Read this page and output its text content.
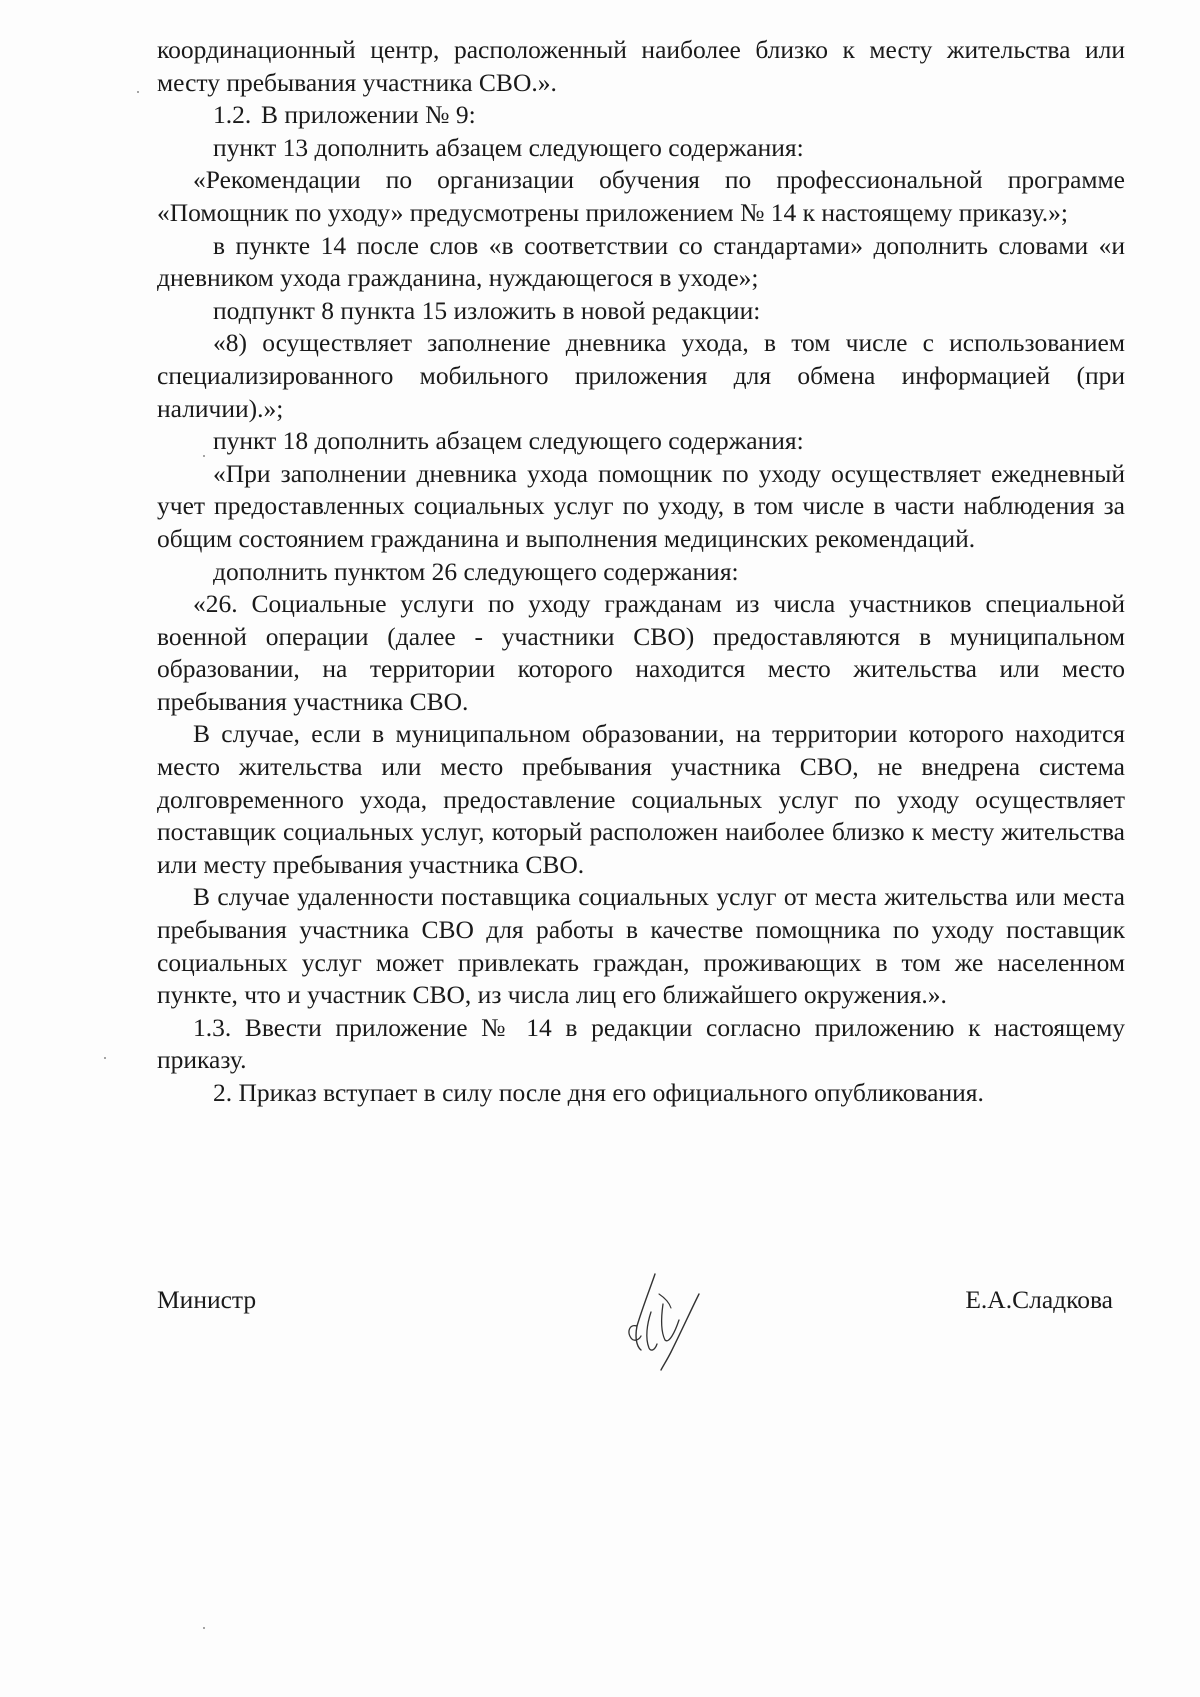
координационный центр, расположенный наиболее близко к месту жительства или месту пребывания участника СВО.».

1.2. В приложении № 9:

пункт 13 дополнить абзацем следующего содержания:

«Рекомендации по организации обучения по профессиональной программе «Помощник по уходу» предусмотрены приложением № 14 к настоящему приказу.»;

в пункте 14 после слов «в соответствии со стандартами» дополнить словами «и дневником ухода гражданина, нуждающегося в уходе»;

подпункт 8 пункта 15 изложить в новой редакции:

«8) осуществляет заполнение дневника ухода, в том числе с использованием специализированного мобильного приложения для обмена информацией (при наличии).»;

пункт 18 дополнить абзацем следующего содержания:

«При заполнении дневника ухода помощник по уходу осуществляет ежедневный учет предоставленных социальных услуг по уходу, в том числе в части наблюдения за общим состоянием гражданина и выполнения медицинских рекомендаций.

дополнить пунктом 26 следующего содержания:

«26. Социальные услуги по уходу гражданам из числа участников специальной военной операции (далее - участники СВО) предоставляются в муниципальном образовании, на территории которого находится место жительства или место пребывания участника СВО.

В случае, если в муниципальном образовании, на территории которого находится место жительства или место пребывания участника СВО, не внедрена система долговременного ухода, предоставление социальных услуг по уходу осуществляет поставщик социальных услуг, который расположен наиболее близко к месту жительства или месту пребывания участника СВО.

В случае удаленности поставщика социальных услуг от места жительства или места пребывания участника СВО для работы в качестве помощника по уходу поставщик социальных услуг может привлекать граждан, проживающих в том же населенном пункте, что и участник СВО, из числа лиц его ближайшего окружения.».

1.3. Ввести приложение № 14 в редакции согласно приложению к настоящему приказу.

2. Приказ вступает в силу после дня его официального опубликования.

Министр	Е.А.Сладкова
